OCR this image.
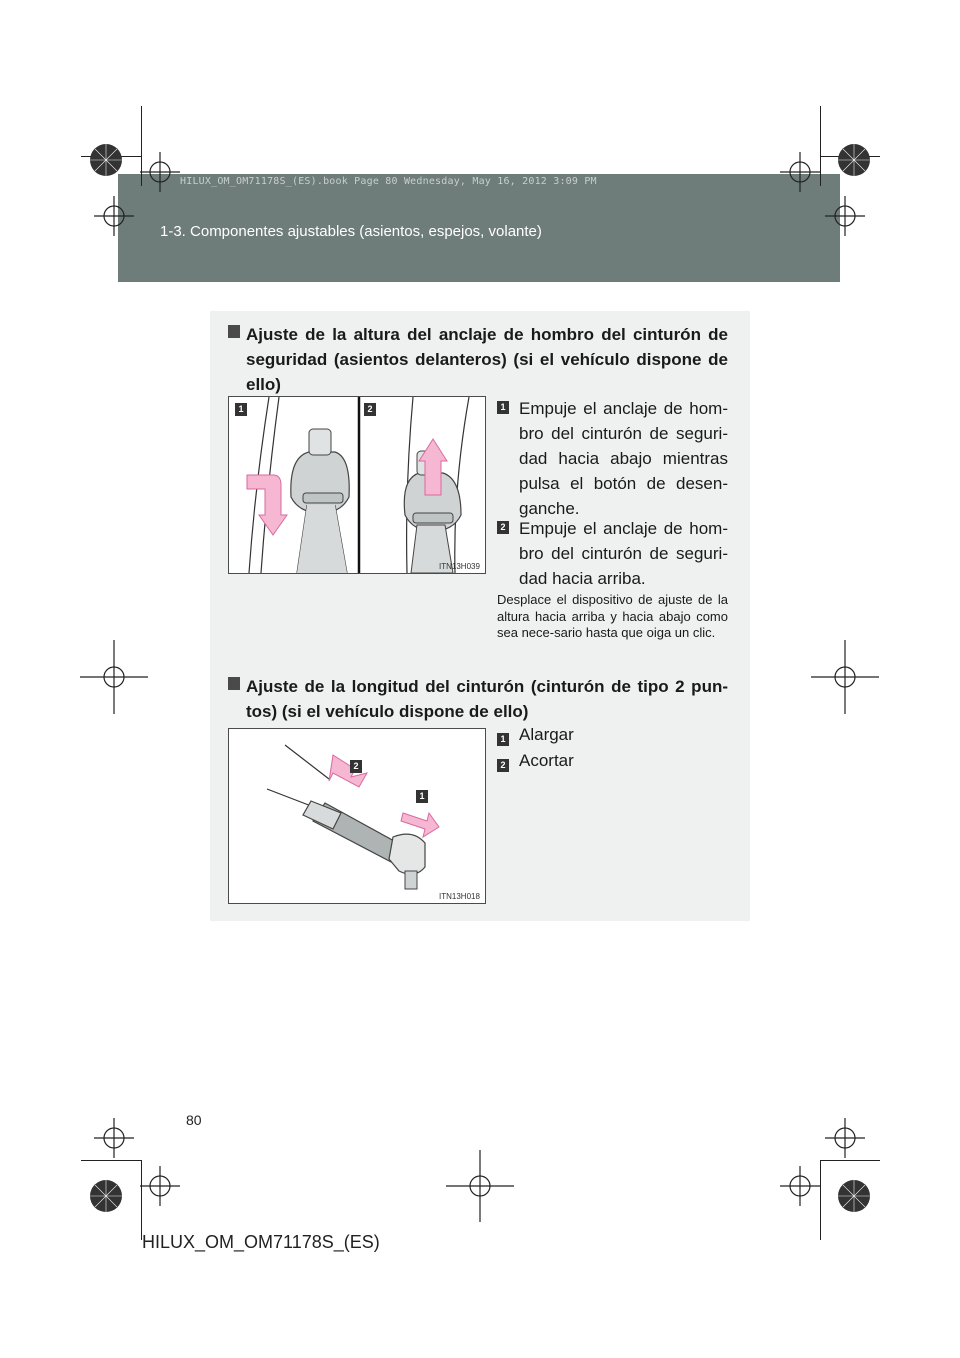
HILUX_OM_OM71178S_(ES).book Page 80 Wednesday, May 16, 2012 3:09 PM
1-3. Componentes ajustables (asientos, espejos, volante)
Ajuste de la altura del anclaje de hombro del cinturón de seguridad (asientos delanteros) (si el vehículo dispone de ello)
1	2
ITN13H039
1 Empuje el anclaje de hom-bro del cinturón de seguri-dad hacia abajo mientras pulsa el botón de desen-ganche.
2 Empuje el anclaje de hom-bro del cinturón de seguri-dad hacia arriba.
Desplace el dispositivo de ajuste de la altura hacia arriba y hacia abajo como sea nece-sario hasta que oiga un clic.
Ajuste de la longitud del cinturón (cinturón de tipo 2 pun-tos) (si el vehículo dispone de ello)
2
1
ITN13H018
1 Alargar
2 Acortar
80
HILUX_OM_OM71178S_(ES)
